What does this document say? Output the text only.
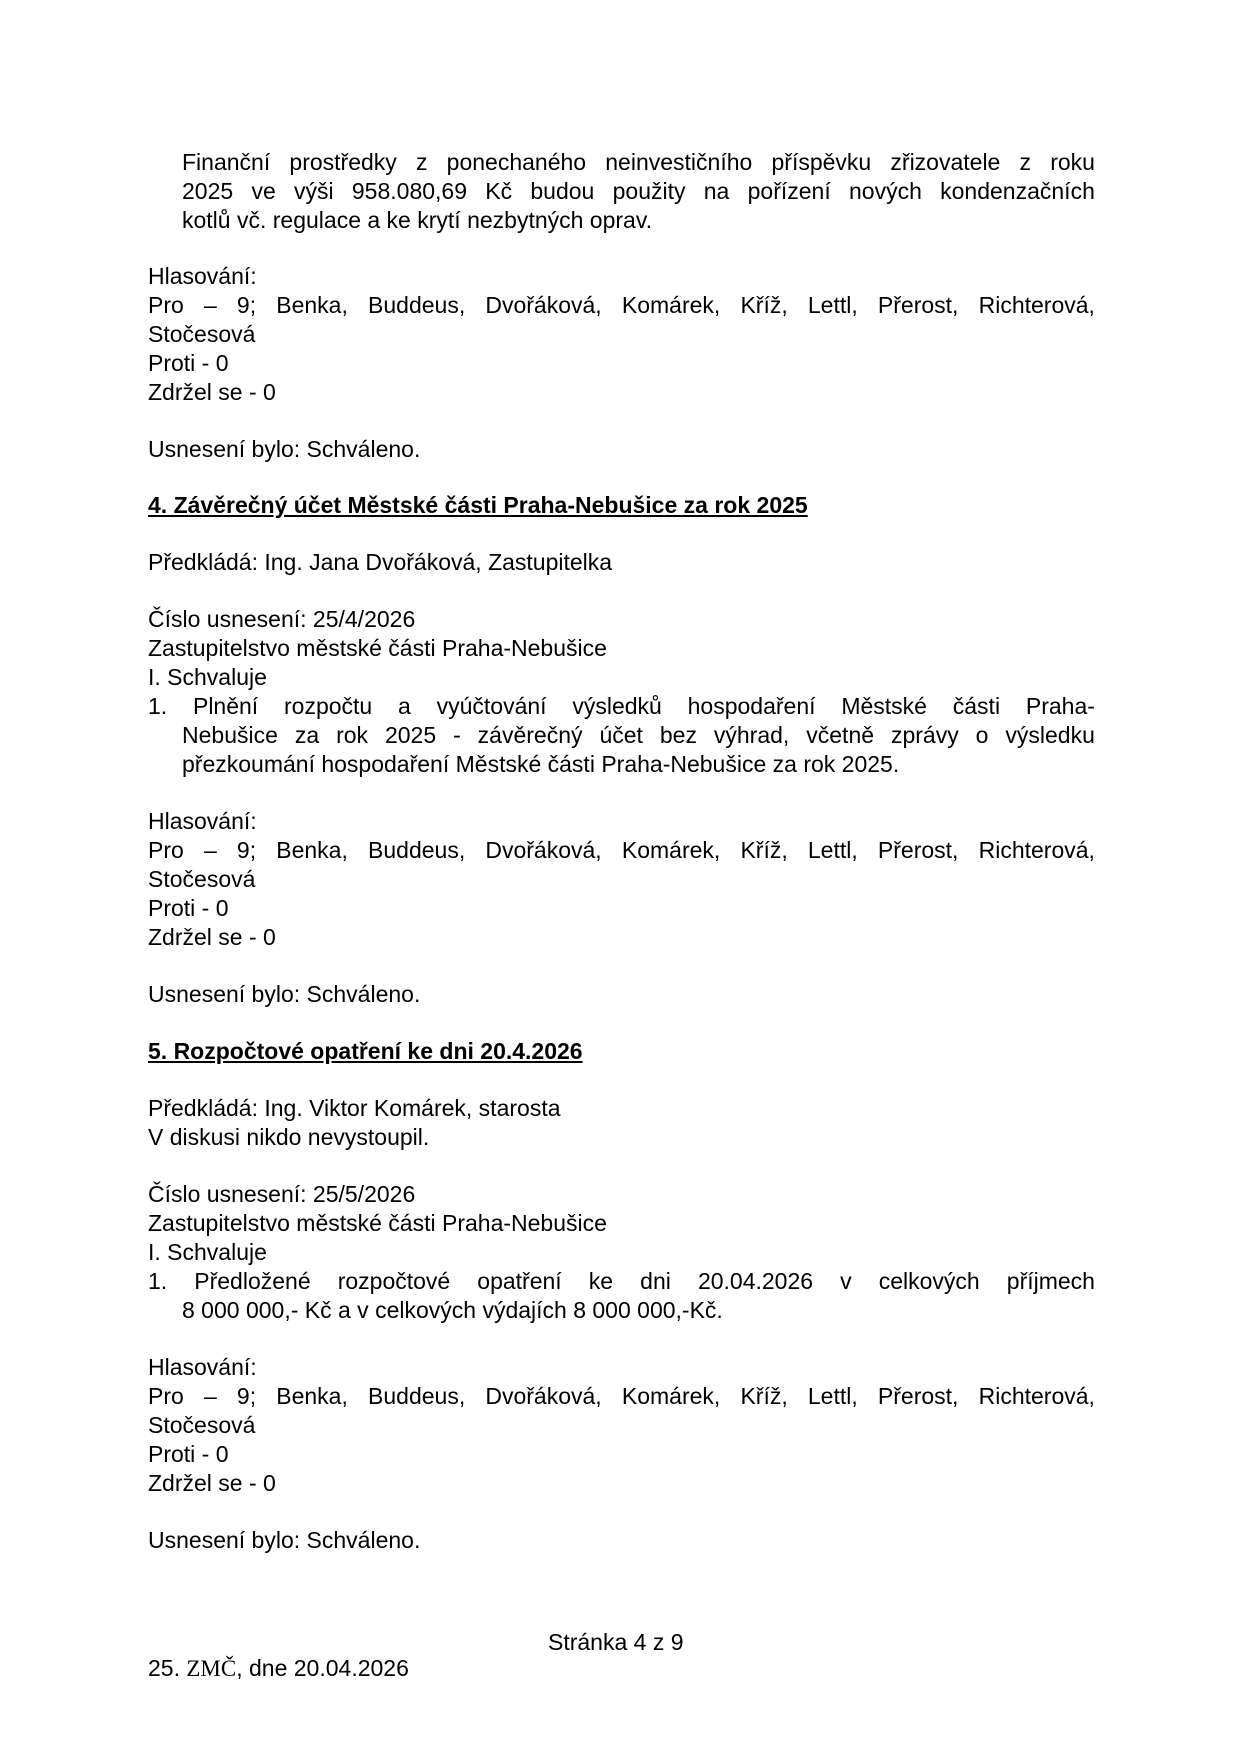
Finanční prostředky z ponechaného neinvestičního příspěvku zřizovatele z roku
2025 ve výši 958.080,69 Kč budou použity na pořízení nových kondenzačních
kotlů vč. regulace a ke krytí nezbytných oprav.
Hlasování:
Pro – 9; Benka, Buddeus, Dvořáková, Komárek, Kříž, Lettl, Přerost, Richterová,
Stočesová
Proti - 0
Zdržel se - 0
Usnesení bylo: Schváleno.
4. Závěrečný účet Městské části Praha-Nebušice za rok 2025
Předkládá: Ing. Jana Dvořáková, Zastupitelka
Číslo usnesení: 25/4/2026
Zastupitelstvo městské části Praha-Nebušice
I. Schvaluje
1. Plnění rozpočtu a vyúčtování výsledků hospodaření Městské části Praha-
Nebušice za rok 2025 - závěrečný účet bez výhrad, včetně zprávy o výsledku
přezkoumání hospodaření Městské části Praha-Nebušice za rok 2025.
Hlasování:
Pro – 9; Benka, Buddeus, Dvořáková, Komárek, Kříž, Lettl, Přerost, Richterová,
Stočesová
Proti - 0
Zdržel se - 0
Usnesení bylo: Schváleno.
5. Rozpočtové opatření ke dni 20.4.2026
Předkládá: Ing. Viktor Komárek, starosta
V diskusi nikdo nevystoupil.
Číslo usnesení: 25/5/2026
Zastupitelstvo městské části Praha-Nebušice
I. Schvaluje
1. Předložené rozpočtové opatření ke dni 20.04.2026 v celkových příjmech
8 000 000,- Kč a v celkových výdajích 8 000 000,-Kč.
Hlasování:
Pro – 9; Benka, Buddeus, Dvořáková, Komárek, Kříž, Lettl, Přerost, Richterová,
Stočesová
Proti - 0
Zdržel se - 0
Usnesení bylo: Schváleno.
Stránka 4 z 9
25. ZMČ, dne 20.04.2026
